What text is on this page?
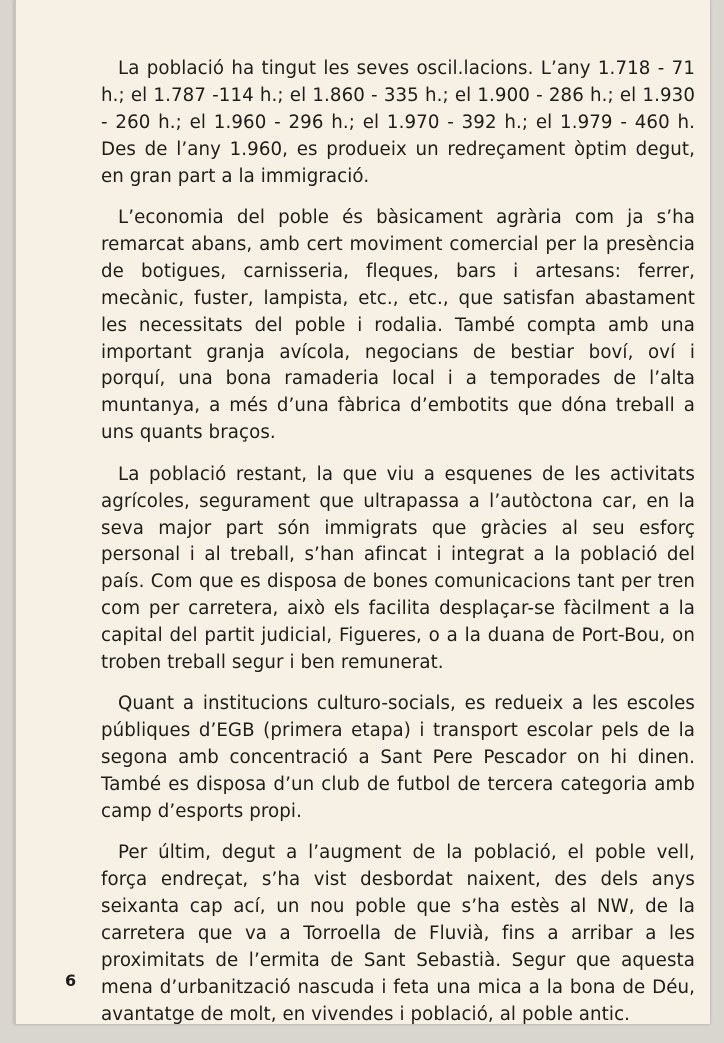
La població ha tingut les seves oscil.lacions. L’any 1.718 - 71 h.; el 1.787 -114 h.; el 1.860 - 335 h.; el 1.900 - 286 h.; el 1.930 - 260 h.; el 1.960 - 296 h.; el 1.970 - 392 h.; el 1.979 - 460 h. Des de l’any 1.960, es produeix un redreçament òptim degut, en gran part a la immigració.

L’economia del poble és bàsicament agrària com ja s’ha remarcat abans, amb cert moviment comercial per la presència de botigues, carnisseria, fleques, bars i artesans: ferrer, mecànic, fuster, lampista, etc., etc., que satisfan abastament les necessitats del poble i rodalia. També compta amb una important granja avícola, negocians de bestiar boví, oví i porquí, una bona ramaderia local i a temporades de l’alta muntanya, a més d’una fàbrica d’embotits que dóna treball a uns quants braços.

La població restant, la que viu a esquenes de les activitats agrícoles, segurament que ultrapassa a l’autòctona car, en la seva major part són immigrats que gràcies al seu esforç personal i al treball, s’han afincat i integrat a la població del país. Com que es disposa de bones comunicacions tant per tren com per carretera, això els facilita desplaçar-se fàcilment a la capital del partit judicial, Figueres, o a la duana de Port-Bou, on troben treball segur i ben remunerat.

Quant a institucions culturo-socials, es redueix a les escoles públiques d’EGB (primera etapa) i transport escolar pels de la segona amb concentració a Sant Pere Pescador on hi dinen. També es disposa d’un club de futbol de tercera categoria amb camp d’esports propi.

Per últim, degut a l’augment de la població, el poble vell, força endreçat, s’ha vist desbordat naixent, des dels anys seixanta cap ací, un nou poble que s’ha estès al NW, de la carretera que va a Torroella de Fluvià, fins a arribar a les proximitats de l’ermita de Sant Sebastià. Segur que aquesta mena d’urbanització nascuda i feta una mica a la bona de Déu, avantatge de molt, en vivendes i població, al poble antic.

6
